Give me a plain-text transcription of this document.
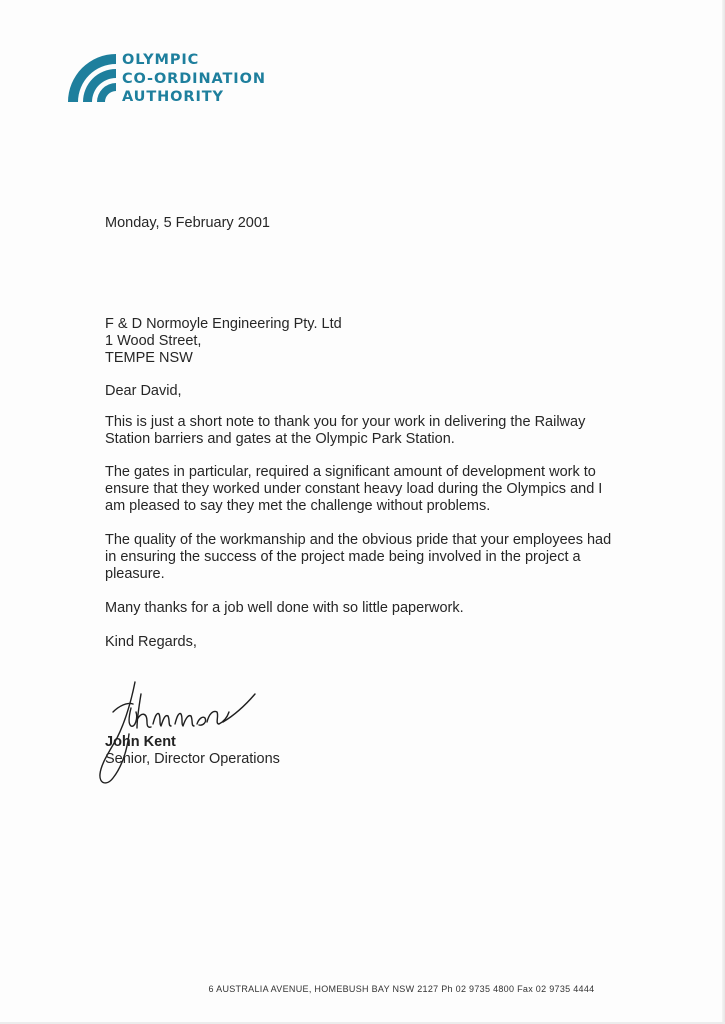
OLYMPIC
CO-ORDINATION
AUTHORITY
Monday, 5 February 2001
F & D Normoyle Engineering Pty. Ltd
1 Wood Street,
TEMPE NSW
Dear David,
This is just a short note to thank you for your work in delivering the Railway
Station barriers and gates at the Olympic Park Station.
The gates in particular, required a significant amount of development work to
ensure that they worked under constant heavy load during the Olympics and I
am pleased to say they met the challenge without problems.
The quality of the workmanship and the obvious pride that your employees had
in ensuring the success of the project made being involved in the project a
pleasure.
Many thanks for a job well done with so little paperwork.
Kind Regards,
John Kent
Senior, Director Operations
6 AUSTRALIA AVENUE, HOMEBUSH BAY NSW 2127 Ph 02 9735 4800 Fax 02 9735 4444
